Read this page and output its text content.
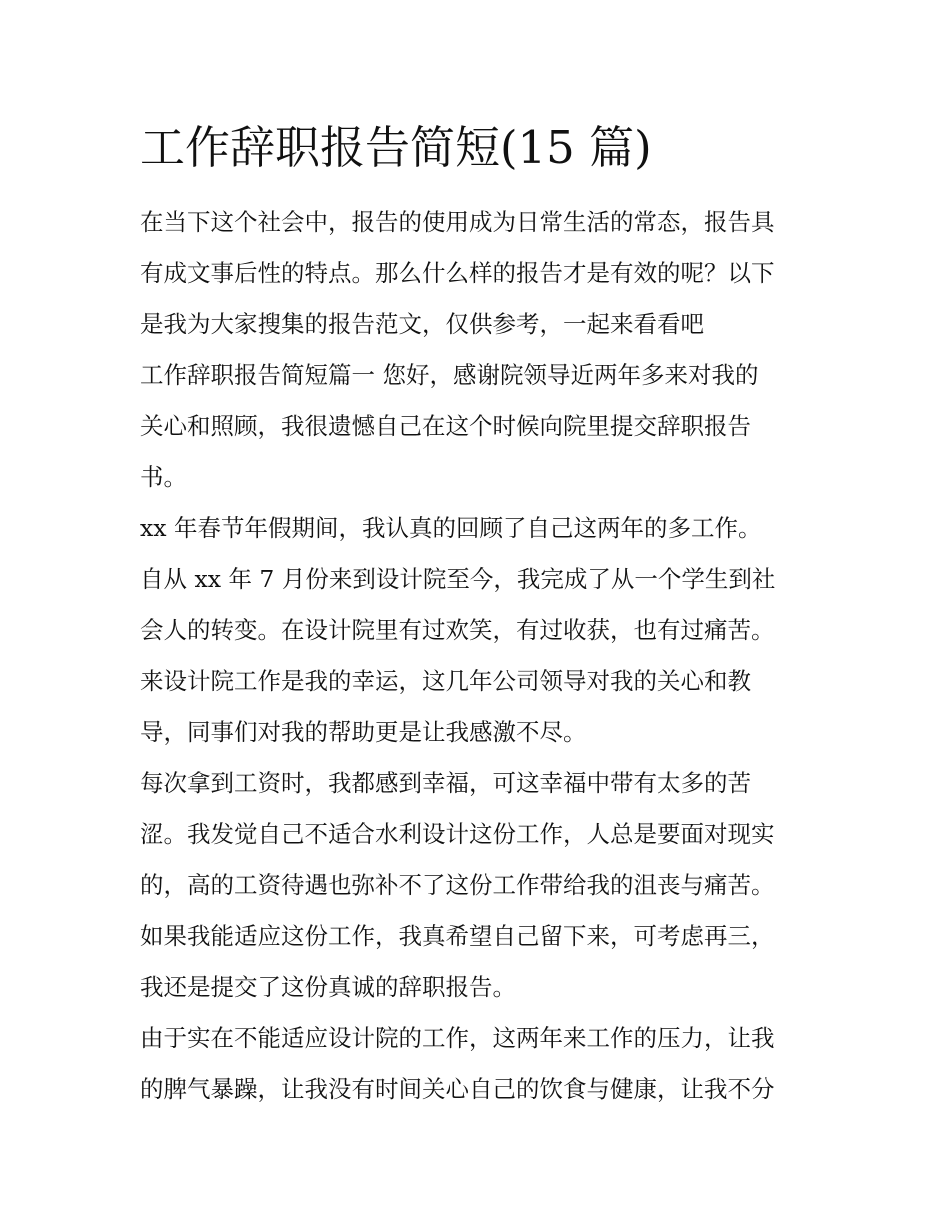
工作辞职报告简短(15 篇)
在当下这个社会中，报告的使用成为日常生活的常态，报告具
有成文事后性的特点。那么什么样的报告才是有效的呢？以下
是我为大家搜集的报告范文，仅供参考，一起来看看吧
工作辞职报告简短篇一 您好，感谢院领导近两年多来对我的
关心和照顾，我很遗憾自己在这个时候向院里提交辞职报告
书。
xx 年春节年假期间，我认真的回顾了自己这两年的多工作。
自从 xx 年 7 月份来到设计院至今，我完成了从一个学生到社
会人的转变。在设计院里有过欢笑，有过收获，也有过痛苦。
来设计院工作是我的幸运，这几年公司领导对我的关心和教
导，同事们对我的帮助更是让我感激不尽。
每次拿到工资时，我都感到幸福，可这幸福中带有太多的苦
涩。我发觉自己不适合水利设计这份工作，人总是要面对现实
的，高的工资待遇也弥补不了这份工作带给我的沮丧与痛苦。
如果我能适应这份工作，我真希望自己留下来，可考虑再三，
我还是提交了这份真诚的辞职报告。
由于实在不能适应设计院的工作，这两年来工作的压力，让我
的脾气暴躁，让我没有时间关心自己的饮食与健康，让我不分
